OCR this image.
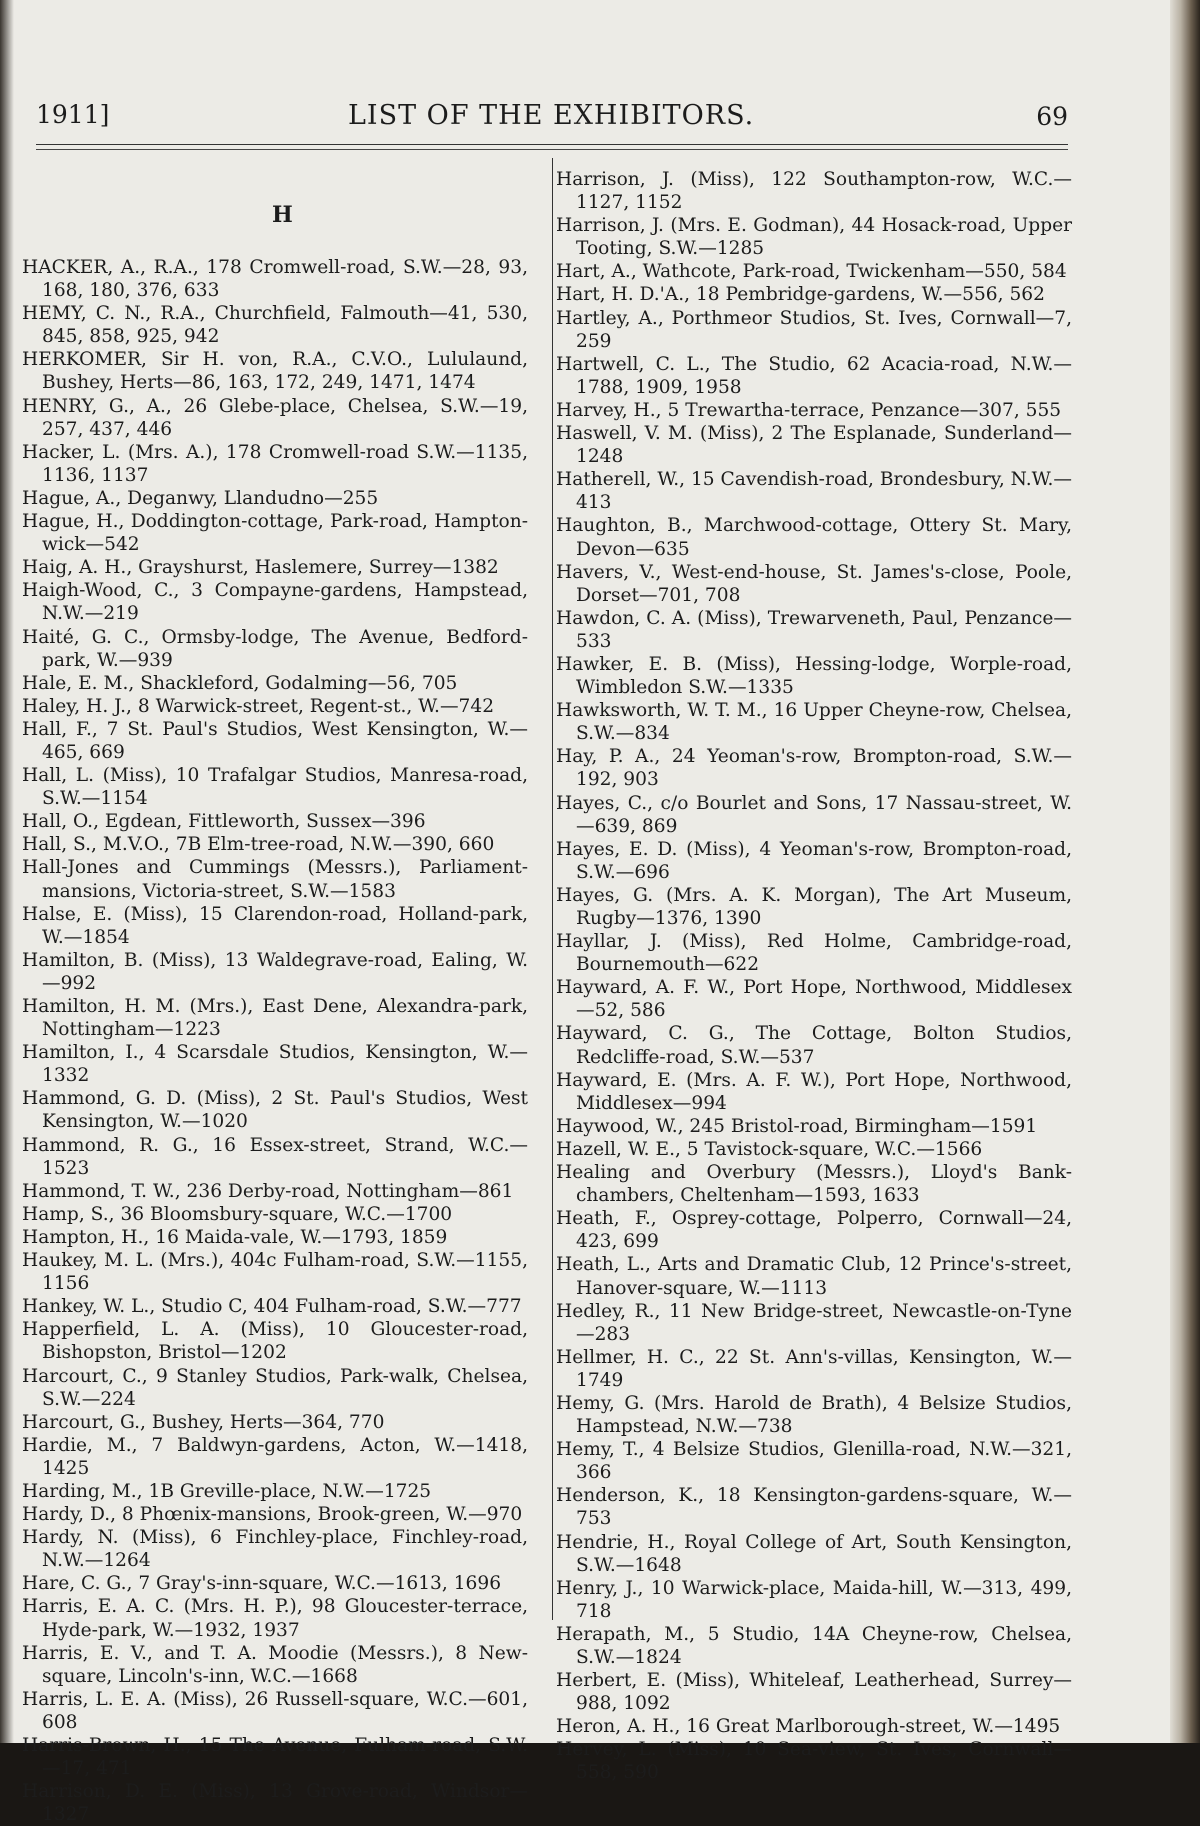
1911]	LIST OF THE EXHIBITORS.	69
H

HACKER, A., R.A., 178 Cromwell-road, S.W.—28, 93, 168, 180, 376, 633

HEMY, C. N., R.A., Churchfield, Falmouth—41, 530, 845, 858, 925, 942

HERKOMER, Sir H. von, R.A., C.V.O., Lululaund, Bushey, Herts—86, 163, 172, 249, 1471, 1474

HENRY, G., A., 26 Glebe-place, Chelsea, S.W.—19, 257, 437, 446

Hacker, L. (Mrs. A.), 178 Cromwell-road S.W.—1135, 1136, 1137

Hague, A., Deganwy, Llandudno—255

Hague, H., Doddington-cottage, Park-road, Hampton-wick—542

Haig, A. H., Grayshurst, Haslemere, Surrey—1382

Haigh-Wood, C., 3 Compayne-gardens, Hampstead, N.W.—219

Haité, G. C., Ormsby-lodge, The Avenue, Bedford-park, W.—939

Hale, E. M., Shackleford, Godalming—56, 705

Haley, H. J., 8 Warwick-street, Regent-st., W.—742

Hall, F., 7 St. Paul's Studios, West Kensington, W.—465, 669

Hall, L. (Miss), 10 Trafalgar Studios, Manresa-road, S.W.—1154

Hall, O., Egdean, Fittleworth, Sussex—396

Hall, S., M.V.O., 7B Elm-tree-road, N.W.—390, 660

Hall-Jones and Cummings (Messrs.), Parliament-mansions, Victoria-street, S.W.—1583

Halse, E. (Miss), 15 Clarendon-road, Holland-park, W.—1854

Hamilton, B. (Miss), 13 Waldegrave-road, Ealing, W.—992

Hamilton, H. M. (Mrs.), East Dene, Alexandra-park, Nottingham—1223

Hamilton, I., 4 Scarsdale Studios, Kensington, W.—1332

Hammond, G. D. (Miss), 2 St. Paul's Studios, West Kensington, W.—1020

Hammond, R. G., 16 Essex-street, Strand, W.C.—1523

Hammond, T. W., 236 Derby-road, Nottingham—861

Hamp, S., 36 Bloomsbury-square, W.C.—1700

Hampton, H., 16 Maida-vale, W.—1793, 1859

Haukey, M. L. (Mrs.), 404c Fulham-road, S.W.—1155, 1156

Hankey, W. L., Studio C, 404 Fulham-road, S.W.—777

Happerfield, L. A. (Miss), 10 Gloucester-road, Bishopston, Bristol—1202

Harcourt, C., 9 Stanley Studios, Park-walk, Chelsea, S.W.—224

Harcourt, G., Bushey, Herts—364, 770

Hardie, M., 7 Baldwyn-gardens, Acton, W.—1418, 1425

Harding, M., 1B Greville-place, N.W.—1725

Hardy, D., 8 Phœnix-mansions, Brook-green, W.—970

Hardy, N. (Miss), 6 Finchley-place, Finchley-road, N.W.—1264

Hare, C. G., 7 Gray's-inn-square, W.C.—1613, 1696

Harris, E. A. C. (Mrs. H. P.), 98 Gloucester-terrace, Hyde-park, W.—1932, 1937

Harris, E. V., and T. A. Moodie (Messrs.), 8 New-square, Lincoln's-inn, W.C.—1668

Harris, L. E. A. (Miss), 26 Russell-square, W.C.—601, 608

Harris-Brown, H., 15 The Avenue, Fulham-road, S.W.—17, 471

Harrison, D. E. (Miss), 13 Grove-road, Windsor—1327

Harrison, J. (Miss), 122 Southampton-row, W.C.—1127, 1152

Harrison, J. (Mrs. E. Godman), 44 Hosack-road, Upper Tooting, S.W.—1285

Hart, A., Wathcote, Park-road, Twickenham—550, 584

Hart, H. D.'A., 18 Pembridge-gardens, W.—556, 562

Hartley, A., Porthmeor Studios, St. Ives, Cornwall—7, 259

Hartwell, C. L., The Studio, 62 Acacia-road, N.W.—1788, 1909, 1958

Harvey, H., 5 Trewartha-terrace, Penzance—307, 555

Haswell, V. M. (Miss), 2 The Esplanade, Sunderland—1248

Hatherell, W., 15 Cavendish-road, Brondesbury, N.W.—413

Haughton, B., Marchwood-cottage, Ottery St. Mary, Devon—635

Havers, V., West-end-house, St. James's-close, Poole, Dorset—701, 708

Hawdon, C. A. (Miss), Trewarveneth, Paul, Penzance—533

Hawker, E. B. (Miss), Hessing-lodge, Worple-road, Wimbledon S.W.—1335

Hawksworth, W. T. M., 16 Upper Cheyne-row, Chelsea, S.W.—834

Hay, P. A., 24 Yeoman's-row, Brompton-road, S.W.—192, 903

Hayes, C., c/o Bourlet and Sons, 17 Nassau-street, W.—639, 869

Hayes, E. D. (Miss), 4 Yeoman's-row, Brompton-road, S.W.—696

Hayes, G. (Mrs. A. K. Morgan), The Art Museum, Rugby—1376, 1390

Hayllar, J. (Miss), Red Holme, Cambridge-road, Bournemouth—622

Hayward, A. F. W., Port Hope, Northwood, Middlesex—52, 586

Hayward, C. G., The Cottage, Bolton Studios, Redcliffe-road, S.W.—537

Hayward, E. (Mrs. A. F. W.), Port Hope, Northwood, Middlesex—994

Haywood, W., 245 Bristol-road, Birmingham—1591

Hazell, W. E., 5 Tavistock-square, W.C.—1566

Healing and Overbury (Messrs.), Lloyd's Bank-chambers, Cheltenham—1593, 1633

Heath, F., Osprey-cottage, Polperro, Cornwall—24, 423, 699

Heath, L., Arts and Dramatic Club, 12 Prince's-street, Hanover-square, W.—1113

Hedley, R., 11 New Bridge-street, Newcastle-on-Tyne—283

Hellmer, H. C., 22 St. Ann's-villas, Kensington, W.—1749

Hemy, G. (Mrs. Harold de Brath), 4 Belsize Studios, Hampstead, N.W.—738

Hemy, T., 4 Belsize Studios, Glenilla-road, N.W.—321, 366

Henderson, K., 18 Kensington-gardens-square, W.—753

Hendrie, H., Royal College of Art, South Kensington, S.W.—1648

Henry, J., 10 Warwick-place, Maida-hill, W.—313, 499, 718

Herapath, M., 5 Studio, 14A Cheyne-row, Chelsea, S.W.—1824

Herbert, E. (Miss), Whiteleaf, Leatherhead, Surrey—988, 1092

Heron, A. H., 16 Great Marlborough-street, W.—1495

Hervey, L. (Miss), 10 Sea-view, St. Ives, Cornwall—558, 590
